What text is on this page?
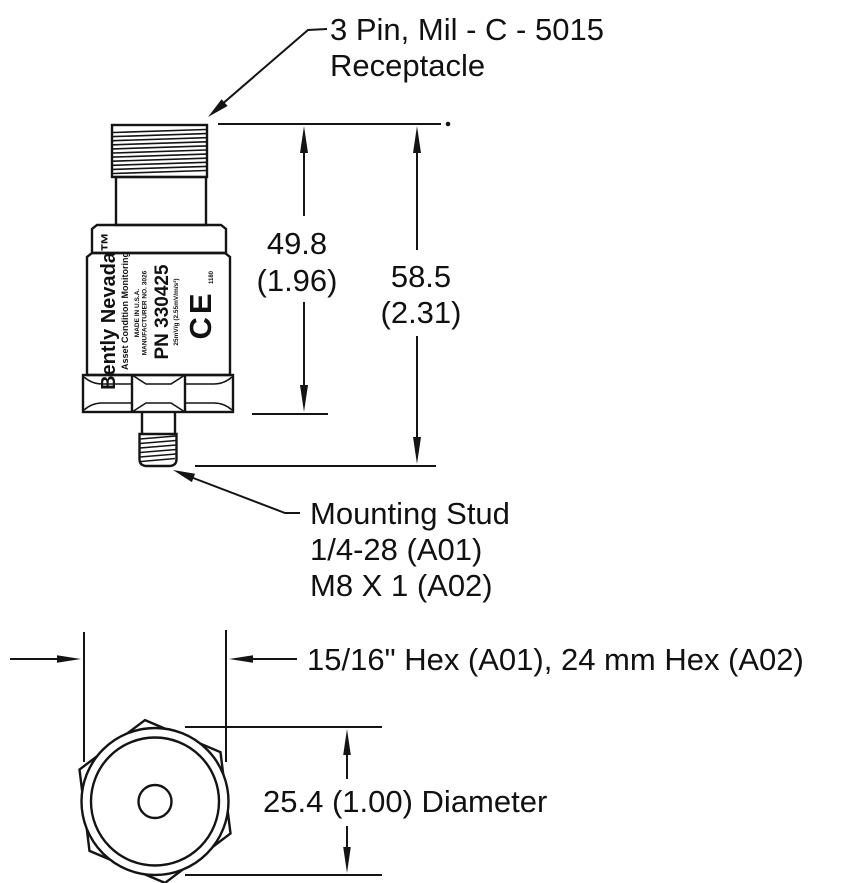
Bently Nevada™ Asset Condition Monitoring MADE IN U.S.A. MANUFACTURER NO. 3026 PN 330425 25mV/g (2.55mV/m/s²) CE
1180
49.8
(1.96) 58.5
(2.31)
3 Pin, Mil - C - 5015
Receptacle
Mounting Stud
1/4-28 (A01)
M8 X 1 (A02)
15/16" Hex (A01), 24 mm Hex (A02)
25.4 (1.00) Diameter
